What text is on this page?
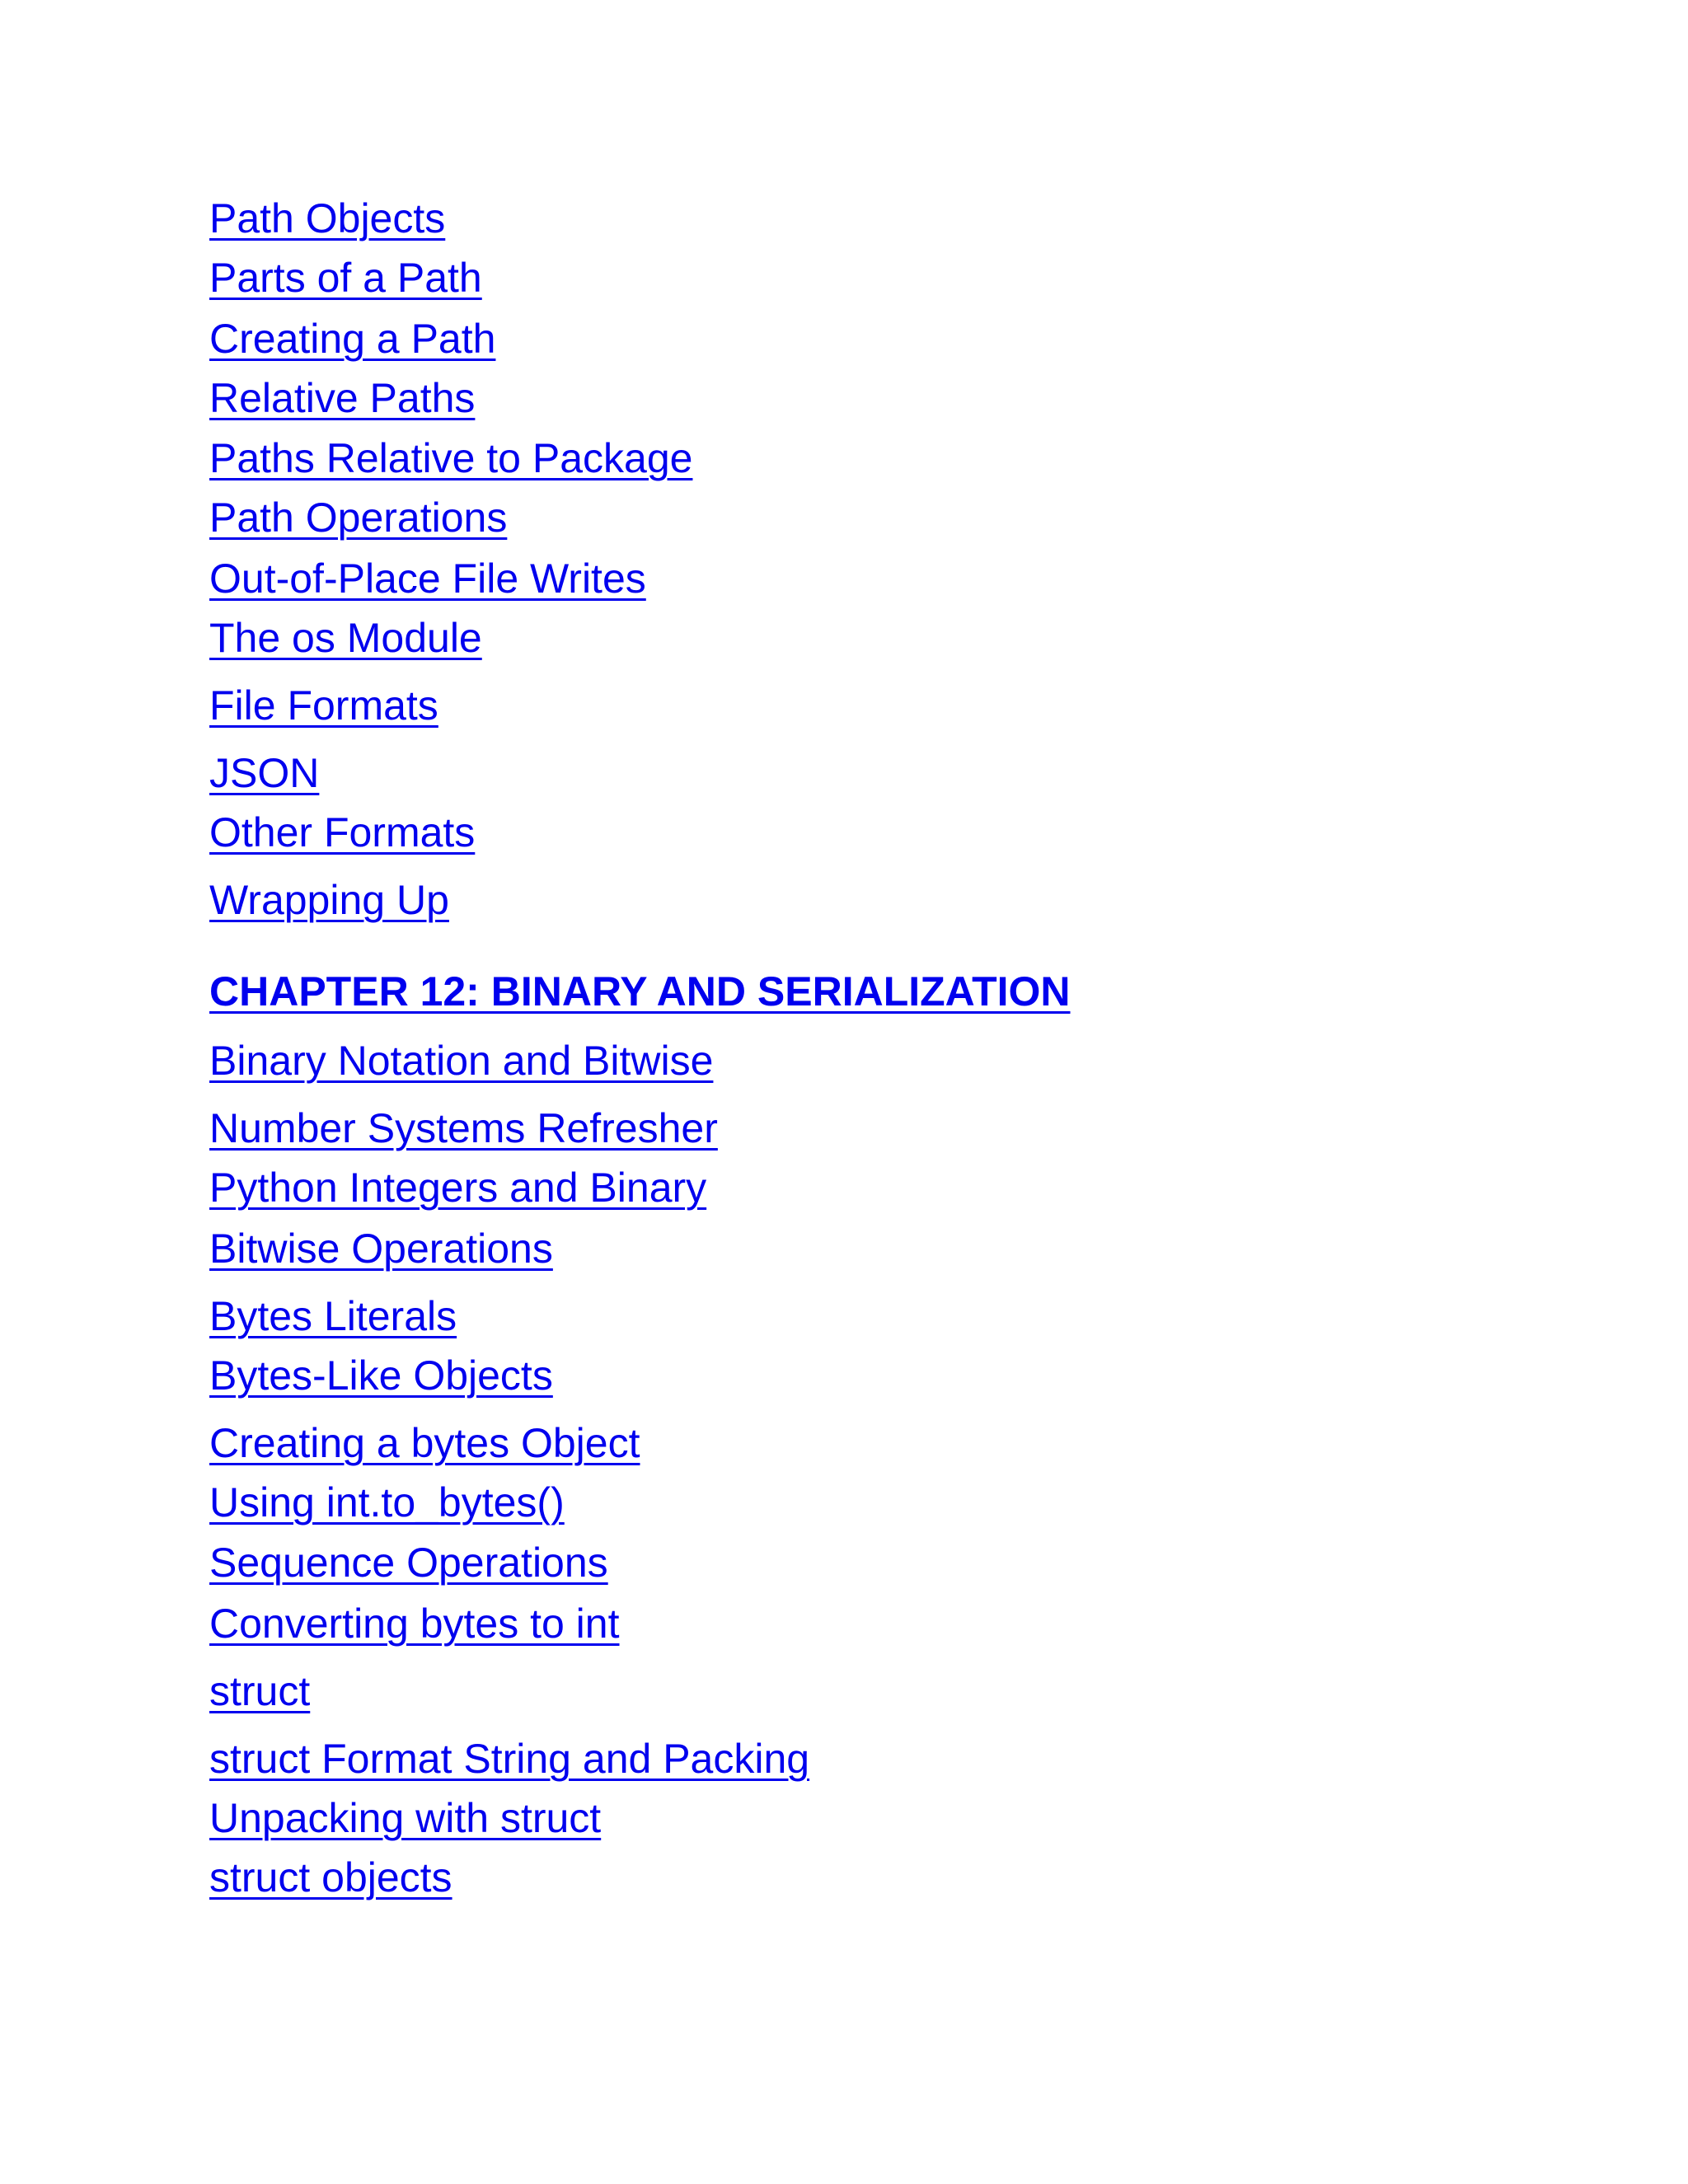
Path Objects
Parts of a Path
Creating a Path
Relative Paths
Paths Relative to Package
Path Operations
Out-of-Place File Writes
The os Module
File Formats
JSON
Other Formats
Wrapping Up
CHAPTER 12: BINARY AND SERIALIZATION
Binary Notation and Bitwise
Number Systems Refresher
Python Integers and Binary
Bitwise Operations
Bytes Literals
Bytes-Like Objects
Creating a bytes Object
Using int.to_bytes()
Sequence Operations
Converting bytes to int
struct
struct Format String and Packing
Unpacking with struct
struct objects
